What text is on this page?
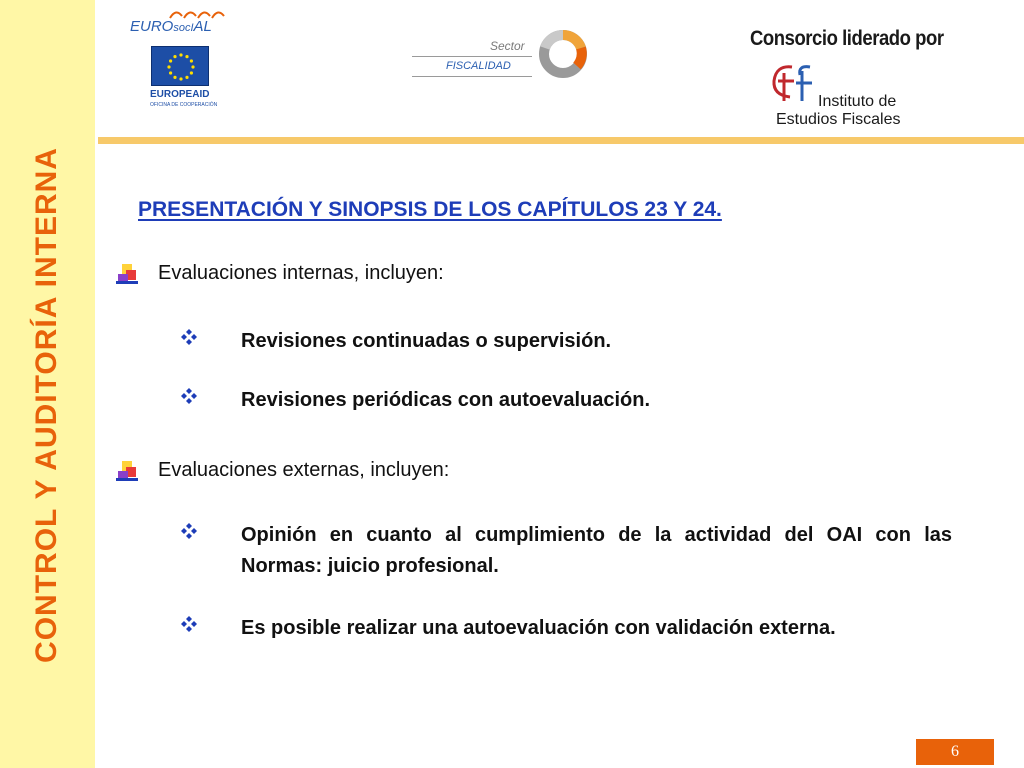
CONTROL Y AUDITORÍA INTERNA
EUROsocIAL
EUROPEAID
OFICINA DE COOPERACIÓN
Sector
FISCALIDAD
Consorcio liderado por
Instituto de
Estudios Fiscales
PRESENTACIÓN Y SINOPSIS DE LOS CAPÍTULOS 23 Y 24.
Evaluaciones internas, incluyen:
Revisiones continuadas o supervisión.
Revisiones periódicas con autoevaluación.
Evaluaciones externas, incluyen:
Opinión en cuanto al cumplimiento de la actividad del OAI con las Normas: juicio profesional.
Es posible realizar una autoevaluación con validación externa.
6
